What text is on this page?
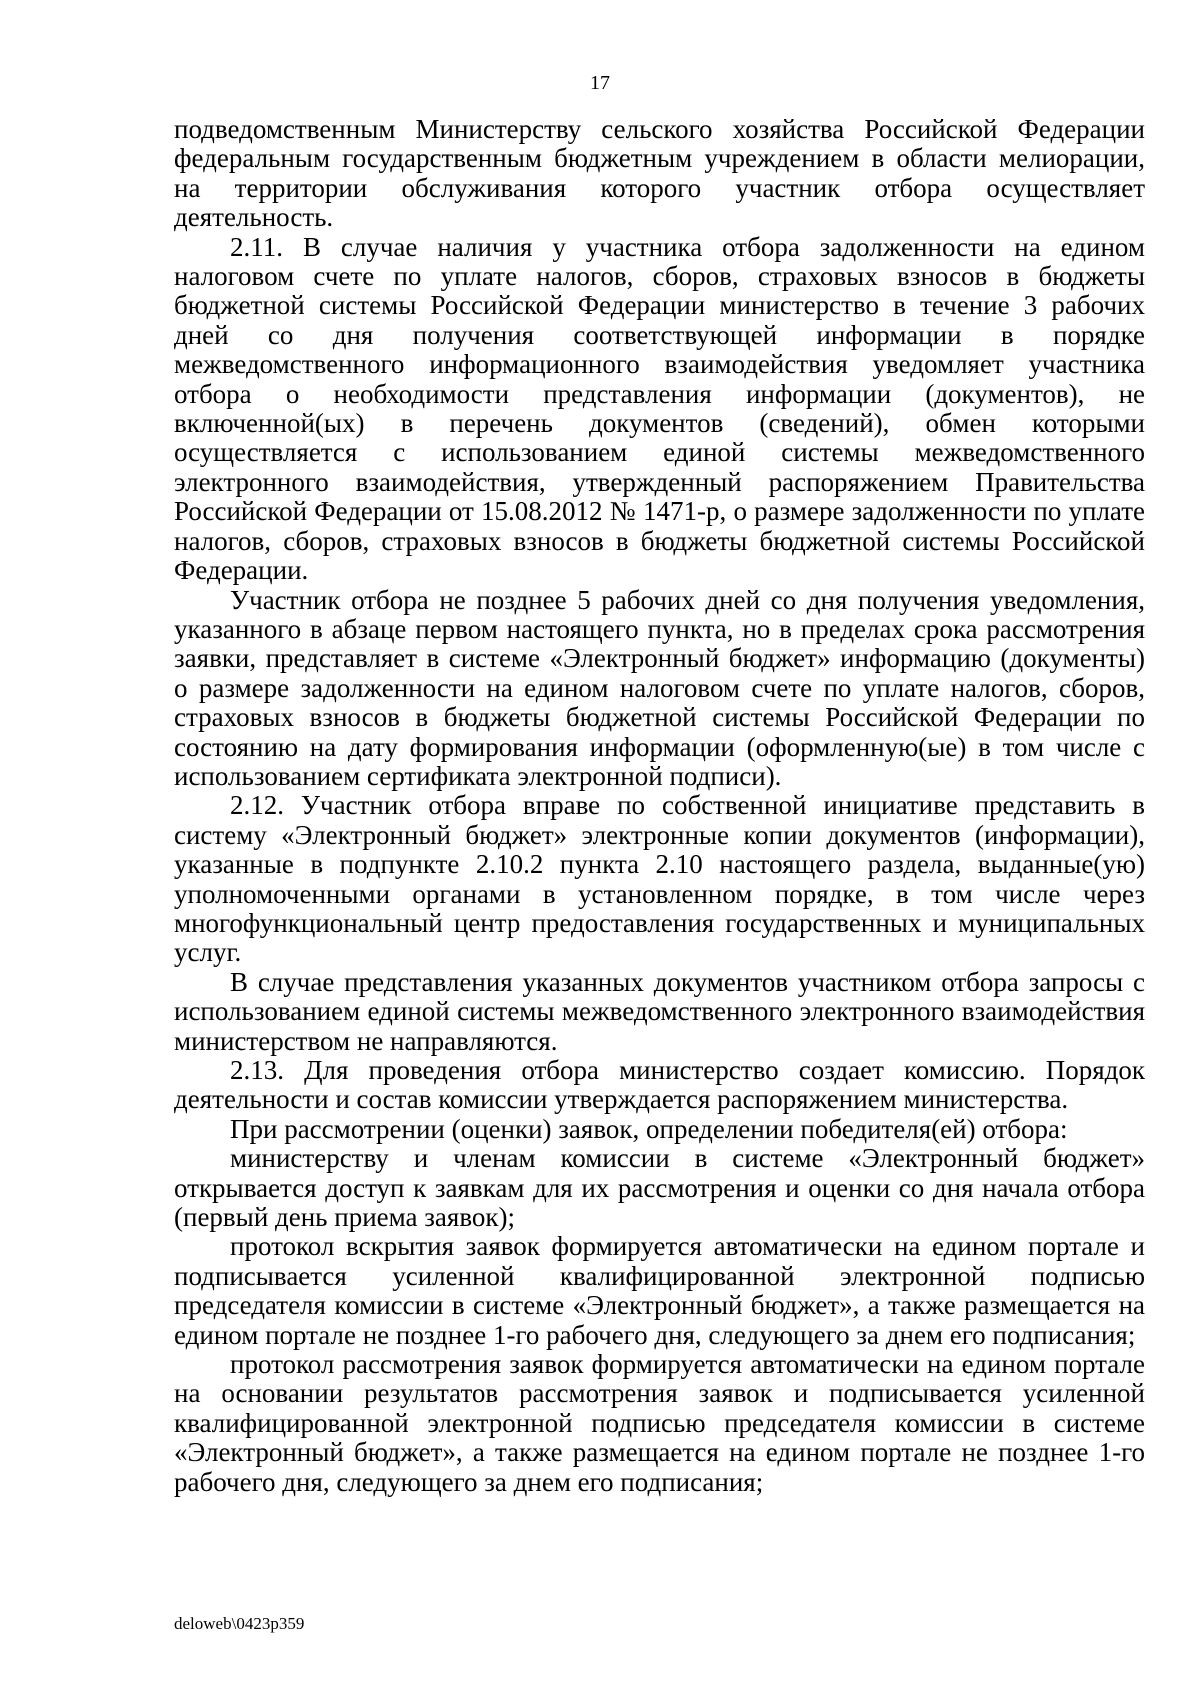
17

подведомственным Министерству сельского хозяйства Российской Федерации федеральным государственным бюджетным учреждением в области мелиорации, на территории обслуживания которого участник отбора осуществляет деятельность.

2.11. В случае наличия у участника отбора задолженности на едином налоговом счете по уплате налогов, сборов, страховых взносов в бюджеты бюджетной системы Российской Федерации министерство в течение 3 рабочих дней со дня получения соответствующей информации в порядке межведомственного информационного взаимодействия уведомляет участника отбора о необходимости представления информации (документов), не включенной(ых) в перечень документов (сведений), обмен которыми осуществляется с использованием единой системы межведомственного электронного взаимодействия, утвержденный распоряжением Правительства Российской Федерации от 15.08.2012 № 1471-р, о размере задолженности по уплате налогов, сборов, страховых взносов в бюджеты бюджетной системы Российской Федерации.

Участник отбора не позднее 5 рабочих дней со дня получения уведомления, указанного в абзаце первом настоящего пункта, но в пределах срока рассмотрения заявки, представляет в системе «Электронный бюджет» информацию (документы) о размере задолженности на едином налоговом счете по уплате налогов, сборов, страховых взносов в бюджеты бюджетной системы Российской Федерации по состоянию на дату формирования информации (оформленную(ые) в том числе с использованием сертификата электронной подписи).

2.12. Участник отбора вправе по собственной инициативе представить в систему «Электронный бюджет» электронные копии документов (информации), указанные в подпункте 2.10.2 пункта 2.10 настоящего раздела, выданные(ую) уполномоченными органами в установленном порядке, в том числе через многофункциональный центр предоставления государственных и муниципальных услуг.

В случае представления указанных документов участником отбора запросы с использованием единой системы межведомственного электронного взаимодействия министерством не направляются.

2.13. Для проведения отбора министерство создает комиссию. Порядок деятельности и состав комиссии утверждается распоряжением министерства.

При рассмотрении (оценки) заявок, определении победителя(ей) отбора:

министерству и членам комиссии в системе «Электронный бюджет» открывается доступ к заявкам для их рассмотрения и оценки со дня начала отбора (первый день приема заявок);

протокол вскрытия заявок формируется автоматически на едином портале и подписывается усиленной квалифицированной электронной подписью председателя комиссии в системе «Электронный бюджет», а также размещается на едином портале не позднее 1-го рабочего дня, следующего за днем его подписания;

протокол рассмотрения заявок формируется автоматически на едином портале на основании результатов рассмотрения заявок и подписывается усиленной квалифицированной электронной подписью председателя комиссии в системе «Электронный бюджет», а также размещается на едином портале не позднее 1-го рабочего дня, следующего за днем его подписания;

deloweb\0423p359
